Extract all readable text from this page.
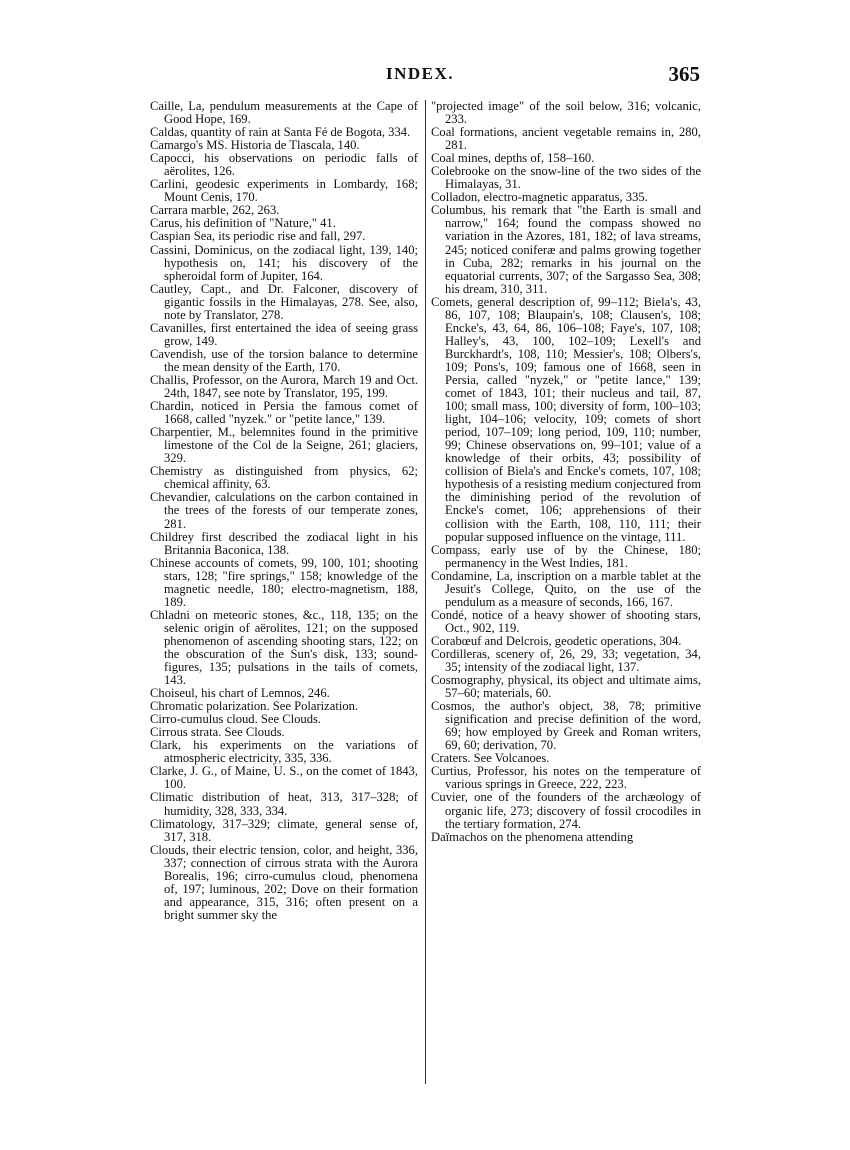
INDEX.	365

Caille, La, pendulum measurements at the Cape of Good Hope, 169.

Caldas, quantity of rain at Santa Fé de Bogota, 334.

Camargo's MS. Historia de Tlascala, 140.

Capocci, his observations on periodic falls of aërolites, 126.

Carlini, geodesic experiments in Lombardy, 168; Mount Cenis, 170.

Carrara marble, 262, 263.

Carus, his definition of "Nature," 41.

Caspian Sea, its periodic rise and fall, 297.

Cassini, Dominicus, on the zodiacal light, 139, 140; hypothesis on, 141; his discovery of the spheroidal form of Jupiter, 164.

Cautley, Capt., and Dr. Falconer, discovery of gigantic fossils in the Himalayas, 278. See, also, note by Translator, 278.

Cavanilles, first entertained the idea of seeing grass grow, 149.

Cavendish, use of the torsion balance to determine the mean density of the Earth, 170.

Challis, Professor, on the Aurora, March 19 and Oct. 24th, 1847, see note by Translator, 195, 199.

Chardin, noticed in Persia the famous comet of 1668, called "nyzek." or "petite lance," 139.

Charpentier, M., belemnites found in the primitive limestone of the Col de la Seigne, 261; glaciers, 329.

Chemistry as distinguished from physics, 62; chemical affinity, 63.

Chevandier, calculations on the carbon contained in the trees of the forests of our temperate zones, 281.

Childrey first described the zodiacal light in his Britannia Baconica, 138.

Chinese accounts of comets, 99, 100, 101; shooting stars, 128; "fire springs," 158; knowledge of the magnetic needle, 180; electro-magnetism, 188, 189.

Chladni on meteoric stones, &c., 118, 135; on the selenic origin of aërolites, 121; on the supposed phenomenon of ascending shooting stars, 122; on the obscuration of the Sun's disk, 133; sound-figures, 135; pulsations in the tails of comets, 143.

Choiseul, his chart of Lemnos, 246.

Chromatic polarization. See Polarization.

Cirro-cumulus cloud. See Clouds.

Cirrous strata. See Clouds.

Clark, his experiments on the variations of atmospheric electricity, 335, 336.

Clarke, J. G., of Maine, U. S., on the comet of 1843, 100.

Climatic distribution of heat, 313, 317–328; of humidity, 328, 333, 334.

Climatology, 317–329; climate, general sense of, 317, 318.

Clouds, their electric tension, color, and height, 336, 337; connection of cirrous strata with the Aurora Borealis, 196; cirro-cumulus cloud, phenomena of, 197; luminous, 202; Dove on their formation and appearance, 315, 316; often present on a bright summer sky the

"projected image" of the soil below, 316; volcanic, 233.

Coal formations, ancient vegetable remains in, 280, 281.

Coal mines, depths of, 158–160.

Colebrooke on the snow-line of the two sides of the Himalayas, 31.

Colladon, electro-magnetic apparatus, 335.

Columbus, his remark that "the Earth is small and narrow," 164; found the compass showed no variation in the Azores, 181, 182; of lava streams, 245; noticed coniferæ and palms growing together in Cuba, 282; remarks in his journal on the equatorial currents, 307; of the Sargasso Sea, 308; his dream, 310, 311.

Comets, general description of, 99–112; Biela's, 43, 86, 107, 108; Blaupain's, 108; Clausen's, 108; Encke's, 43, 64, 86, 106–108; Faye's, 107, 108; Halley's, 43, 100, 102–109; Lexell's and Burckhardt's, 108, 110; Messier's, 108; Olbers's, 109; Pons's, 109; famous one of 1668, seen in Persia, called "nyzek," or "petite lance," 139; comet of 1843, 101; their nucleus and tail, 87, 100; small mass, 100; diversity of form, 100–103; light, 104–106; velocity, 109; comets of short period, 107–109; long period, 109, 110; number, 99; Chinese observations on, 99–101; value of a knowledge of their orbits, 43; possibility of collision of Biela's and Encke's comets, 107, 108; hypothesis of a resisting medium conjectured from the diminishing period of the revolution of Encke's comet, 106; apprehensions of their collision with the Earth, 108, 110, 111; their popular supposed influence on the vintage, 111.

Compass, early use of by the Chinese, 180; permanency in the West Indies, 181.

Condamine, La, inscription on a marble tablet at the Jesuit's College, Quito, on the use of the pendulum as a measure of seconds, 166, 167.

Condé, notice of a heavy shower of shooting stars, Oct., 902, 119.

Corabœuf and Delcrois, geodetic operations, 304.

Cordilleras, scenery of, 26, 29, 33; vegetation, 34, 35; intensity of the zodiacal light, 137.

Cosmography, physical, its object and ultimate aims, 57–60; materials, 60.

Cosmos, the author's object, 38, 78; primitive signification and precise definition of the word, 69; how employed by Greek and Roman writers, 69, 60; derivation, 70.

Craters. See Volcanoes.

Curtius, Professor, his notes on the temperature of various springs in Greece, 222, 223.

Cuvier, one of the founders of the archæology of organic life, 273; discovery of fossil crocodiles in the tertiary formation, 274.

Daïmachos on the phenomena attending
